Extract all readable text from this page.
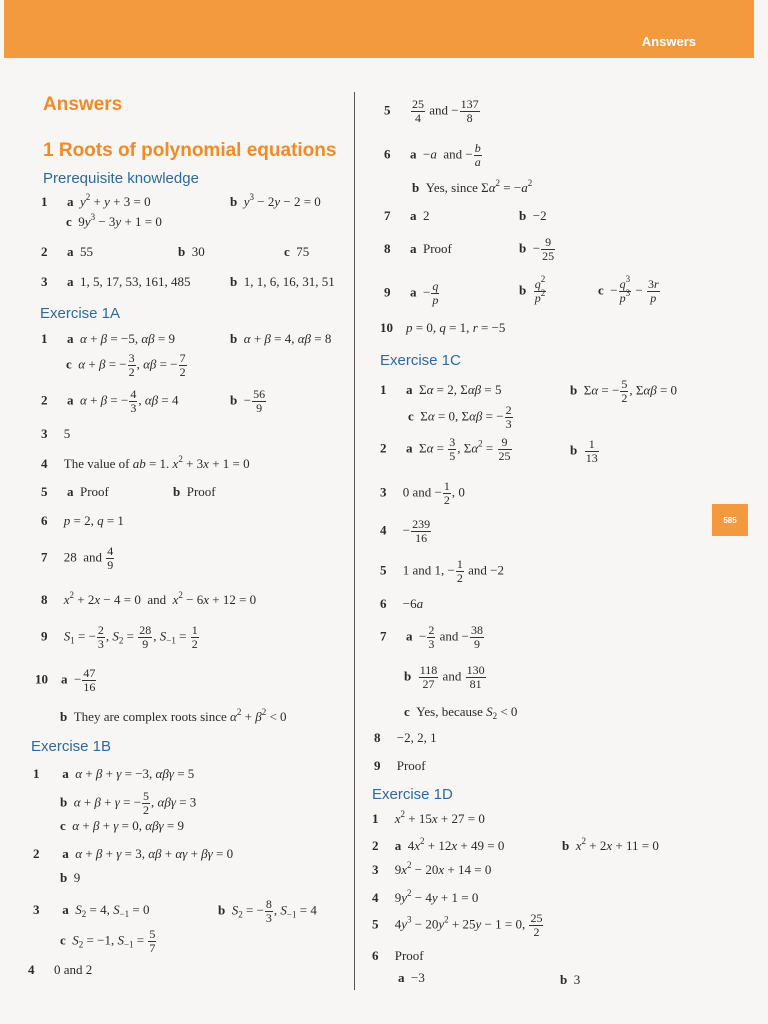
Answers
585
Answers
1 Roots of polynomial equations
Prerequisite knowledge
1 a $y^2 + y + 3 = 0$	b $y^3 - 2y - 2 = 0$
c  $9y^3 - 3y + 1 = 0$
2 a  55	b  30	c  75
3 a  1, 5, 17, 53, 161, 485	b  1, 1, 6, 16, 31, 51
Exercise 1A
1 a α + β = −5, αβ = 9	b α + β = 4, αβ = 8
c α + β = − $\frac{3}{2}$ , αβ = − $\frac{7}{2}$
2 a α + β = − $\frac{4}{3}$ , αβ = 4	$b - \frac{56}{9}$
3     5
4 The value of ab = 1. $x^2 + 3x + 1 = 0$
5 a Proof	b Proof
6 p = 2, q = 1
7     28  and $\frac{4}{9}$
8 $x^2 + 2x - 4 = 0$  and $x^2 - 6x + 12 = 0$
9 $S_1$ = − $\frac{2}{3}$ , $S_2 = \frac{28}{9}$ , $S_{-1} = \frac{1}{2}$
10 $a - \frac{47}{16}$
b They are complex roots since $\alpha^2 + \beta^2 < 0$
Exercise 1B
1 a α + β + γ = −3, αβγ = 5
b α + β + γ = − $\frac{5}{2}$ , αβγ = 3
c α + β + γ = 0, αβγ = 9
2 a α + β + γ = 3, αβ + αγ + βγ = 0
b  9
3 a $S_2 = 4$, $S_{-1} = 0$	b $S_2$ = − $\frac{8}{3}$ , $S_{-1} = 4$
c $S_2 = -1$, $S_{-1} = \frac{5}{7}$
4 0 and 2
$5 \frac{25}{4}$ and − $\frac{137}{8}$
6 a  −a and − $\frac{b}{a}$
b Yes, since $\Sigma\alpha^2 = -a^2$
7 a  2	b  −2
8 a Proof	$b - \frac{9}{25}$
9 $a - \frac{q}{p}$	b $\frac{q^2}{p^2}$	$c - \frac{q^3}{p^3} - \frac{3r}{p}$
10 p = 0, q = 1, r = −5
Exercise 1C
1 a  Σα = 2, Σαβ = 5	b  Σα = − $\frac{5}{2}$ , Σαβ = 0
c  Σα = 0, Σαβ = − $\frac{2}{3}$
2 a  $\Sigma\alpha = \frac{3}{5}$ , $\Sigma\alpha^2 = \frac{9}{25}$	b $\frac{1}{13}$
3 0 and − $\frac{1}{2}$ , 0
4     − $\frac{239}{16}$
5 1 and 1, − $\frac{1}{2}$ and −2
6     −6a
7 $a - \frac{2}{3}$ and − $\frac{38}{9}$
b $\frac{118}{27}$ and $\frac{130}{81}$
c Yes, because $S_2 < 0$
8     −2, 2, 1
9 Proof
Exercise 1D
1 $x^2 + 15x + 27 = 0$
2 a  $4x^2 + 12x + 49 = 0$	b $x^2 + 2x + 11 = 0$
3     $9x^2 - 20x + 14 = 0$
4     $9y^2 - 4y + 1 = 0$
5     $4y^3 - 20y^2 + 25y - 1 = 0$, $\frac{25}{2}$
6 Proof
a  −3	b  3
